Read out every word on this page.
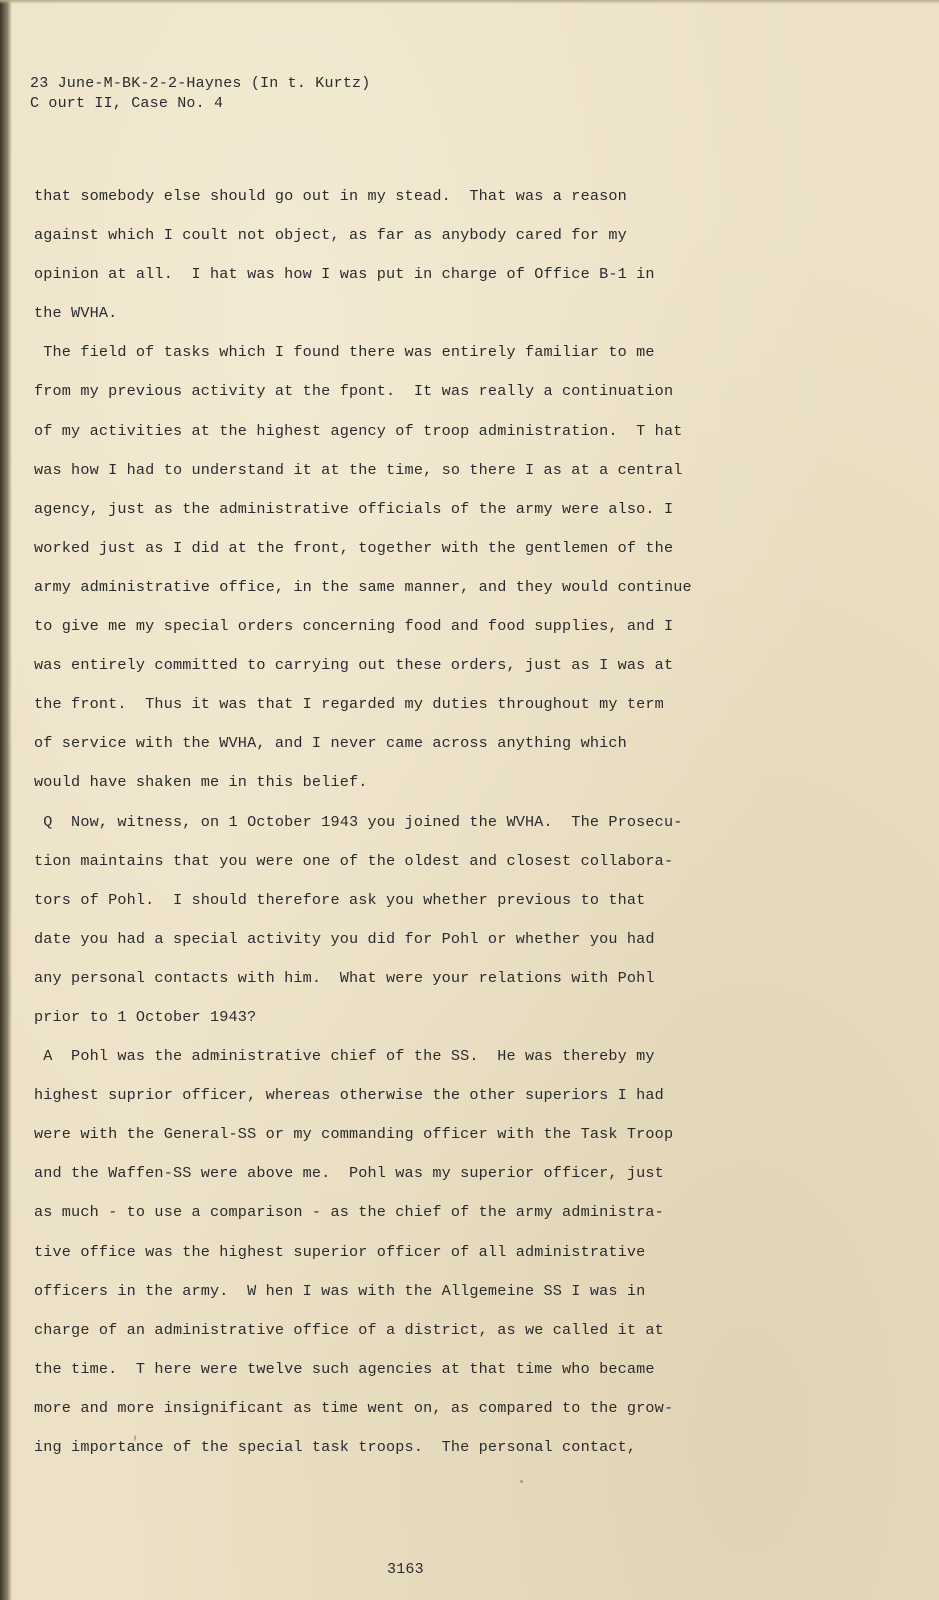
23 June-M-BK-2-2-Haynes (In t. Kurtz)
C ourt II, Case No. 4
that somebody else should go out in my stead.  That was a reason
against which I coult not object, as far as anybody cared for my
opinion at all.  I hat was how I was put in charge of Office B-1 in
the WVHA.
The field of tasks which I found there was entirely familiar to me
from my previous activity at the fpont.  It was really a continuation
of my activities at the highest agency of troop administration.  T hat
was how I had to understand it at the time, so there I as at a central
agency, just as the administrative officials of the army were also. I
worked just as I did at the front, together with the gentlemen of the
army administrative office, in the same manner, and they would continue
to give me my special orders concerning food and food supplies, and I
was entirely committed to carrying out these orders, just as I was at
the front.  Thus it was that I regarded my duties throughout my term
of service with the WVHA, and I never came across anything which
would have shaken me in this belief.
Q  Now, witness, on 1 October 1943 you joined the WVHA.  The Prosecu-
tion maintains that you were one of the oldest and closest collabora-
tors of Pohl.  I should therefore ask you whether previous to that
date you had a special activity you did for Pohl or whether you had
any personal contacts with him.  What were your relations with Pohl
prior to 1 October 1943?
A  Pohl was the administrative chief of the SS.  He was thereby my
highest suprior officer, whereas otherwise the other superiors I had
were with the General-SS or my commanding officer with the Task Troop
and the Waffen-SS were above me.  Pohl was my superior officer, just
as much - to use a comparison - as the chief of the army administra-
tive office was the highest superior officer of all administrative
officers in the army.  W hen I was with the Allgemeine SS I was in
charge of an administrative office of a district, as we called it at
the time.  T here were twelve such agencies at that time who became
more and more insignificant as time went on, as compared to the grow-
ing importance of the special task troops.  The personal contact,
3163
